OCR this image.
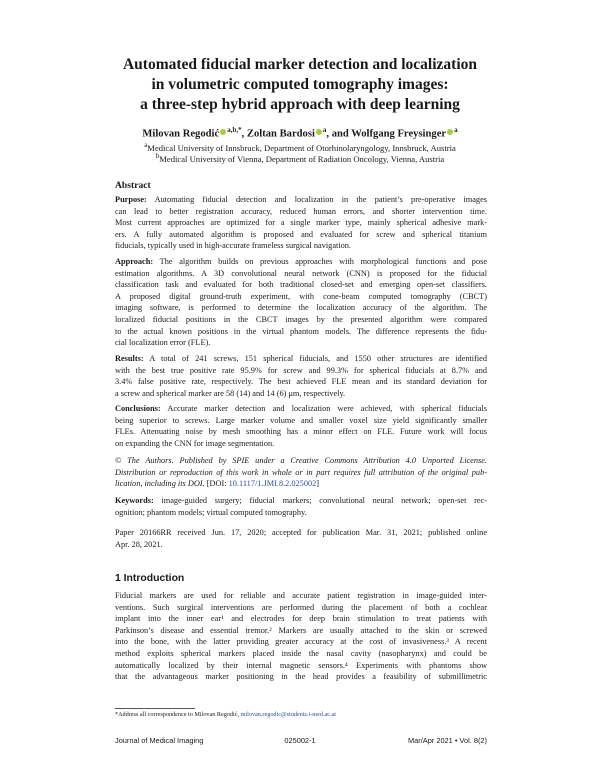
Automated fiducial marker detection and localization
in volumetric computed tomography images:
a three-step hybrid approach with deep learning
Milovan Regodić $^{a,b,*}$, Zoltan Bardosi $^a$, and Wolfgang Freysinger $^a$
$^a$Medical University of Innsbruck, Department of Otorhinolaryngology, Innsbruck, Austria
$^b$Medical University of Vienna, Department of Radiation Oncology, Vienna, Austria
Abstract
Purpose: Automating fiducial detection and localization in the patient’s pre-operative images
can lead to better registration accuracy, reduced human errors, and shorter intervention time.
Most current approaches are optimized for a single marker type, mainly spherical adhesive mark-
ers. A fully automated algorithm is proposed and evaluated for screw and spherical titanium
fiducials, typically used in high-accurate frameless surgical navigation.
Approach: The algorithm builds on previous approaches with morphological functions and pose
estimation algorithms. A 3D convolutional neural network (CNN) is proposed for the fiducial
classification task and evaluated for both traditional closed-set and emerging open-set classifiers.
A proposed digital ground-truth experiment, with cone-beam computed tomography (CBCT)
imaging software, is performed to determine the localization accuracy of the algorithm. The
localized fiducial positions in the CBCT images by the presented algorithm were compared
to the actual known positions in the virtual phantom models. The difference represents the fidu-
cial localization error (FLE).
Results: A total of 241 screws, 151 spherical fiducials, and 1550 other structures are identified
with the best true positive rate 95.9% for screw and 99.3% for spherical fiducials at 8.7% and
3.4% false positive rate, respectively. The best achieved FLE mean and its standard deviation for
a screw and spherical marker are 58 (14) and 14 (6) μm, respectively.
Conclusions: Accurate marker detection and localization were achieved, with spherical fiducials
being superior to screws. Large marker volume and smaller voxel size yield significantly smaller
FLEs. Attenuating noise by mesh smoothing has a minor effect on FLE. Future work will focus
on expanding the CNN for image segmentation.
© The Authors. Published by SPIE under a Creative Commons Attribution 4.0 Unported License.
Distribution or reproduction of this work in whole or in part requires full attribution of the original pub-
lication, including its DOI. [DOI: 10.1117/1.JMI.8.2.025002]
Keywords: image-guided surgery; fiducial markers; convolutional neural network; open-set rec-
ognition; phantom models; virtual computed tomography.
Paper 20166RR received Jun. 17, 2020; accepted for publication Mar. 31, 2021; published online
Apr. 28, 2021.
1 Introduction
Fiducial markers are used for reliable and accurate patient registration in image-guided inter-
ventions. Such surgical interventions are performed during the placement of both a cochlear
implant into the inner ear¹ and electrodes for deep brain stimulation to treat patients with
Parkinson’s disease and essential tremor.² Markers are usually attached to the skin or screwed
into the bone, with the latter providing greater accuracy at the cost of invasiveness.³ A recent
method exploits spherical markers placed inside the nasal cavity (nasopharynx) and could be
automatically localized by their internal magnetic sensors.⁴ Experiments with phantoms show
that the advantageous marker positioning in the head provides a feasibility of submillimetric
*Address all correspondence to Milovan Regodić, milovan.regodic@students.i-med.ac.at
Journal of Medical Imaging	025002-1	Mar/Apr 2021 • Vol. 8(2)
